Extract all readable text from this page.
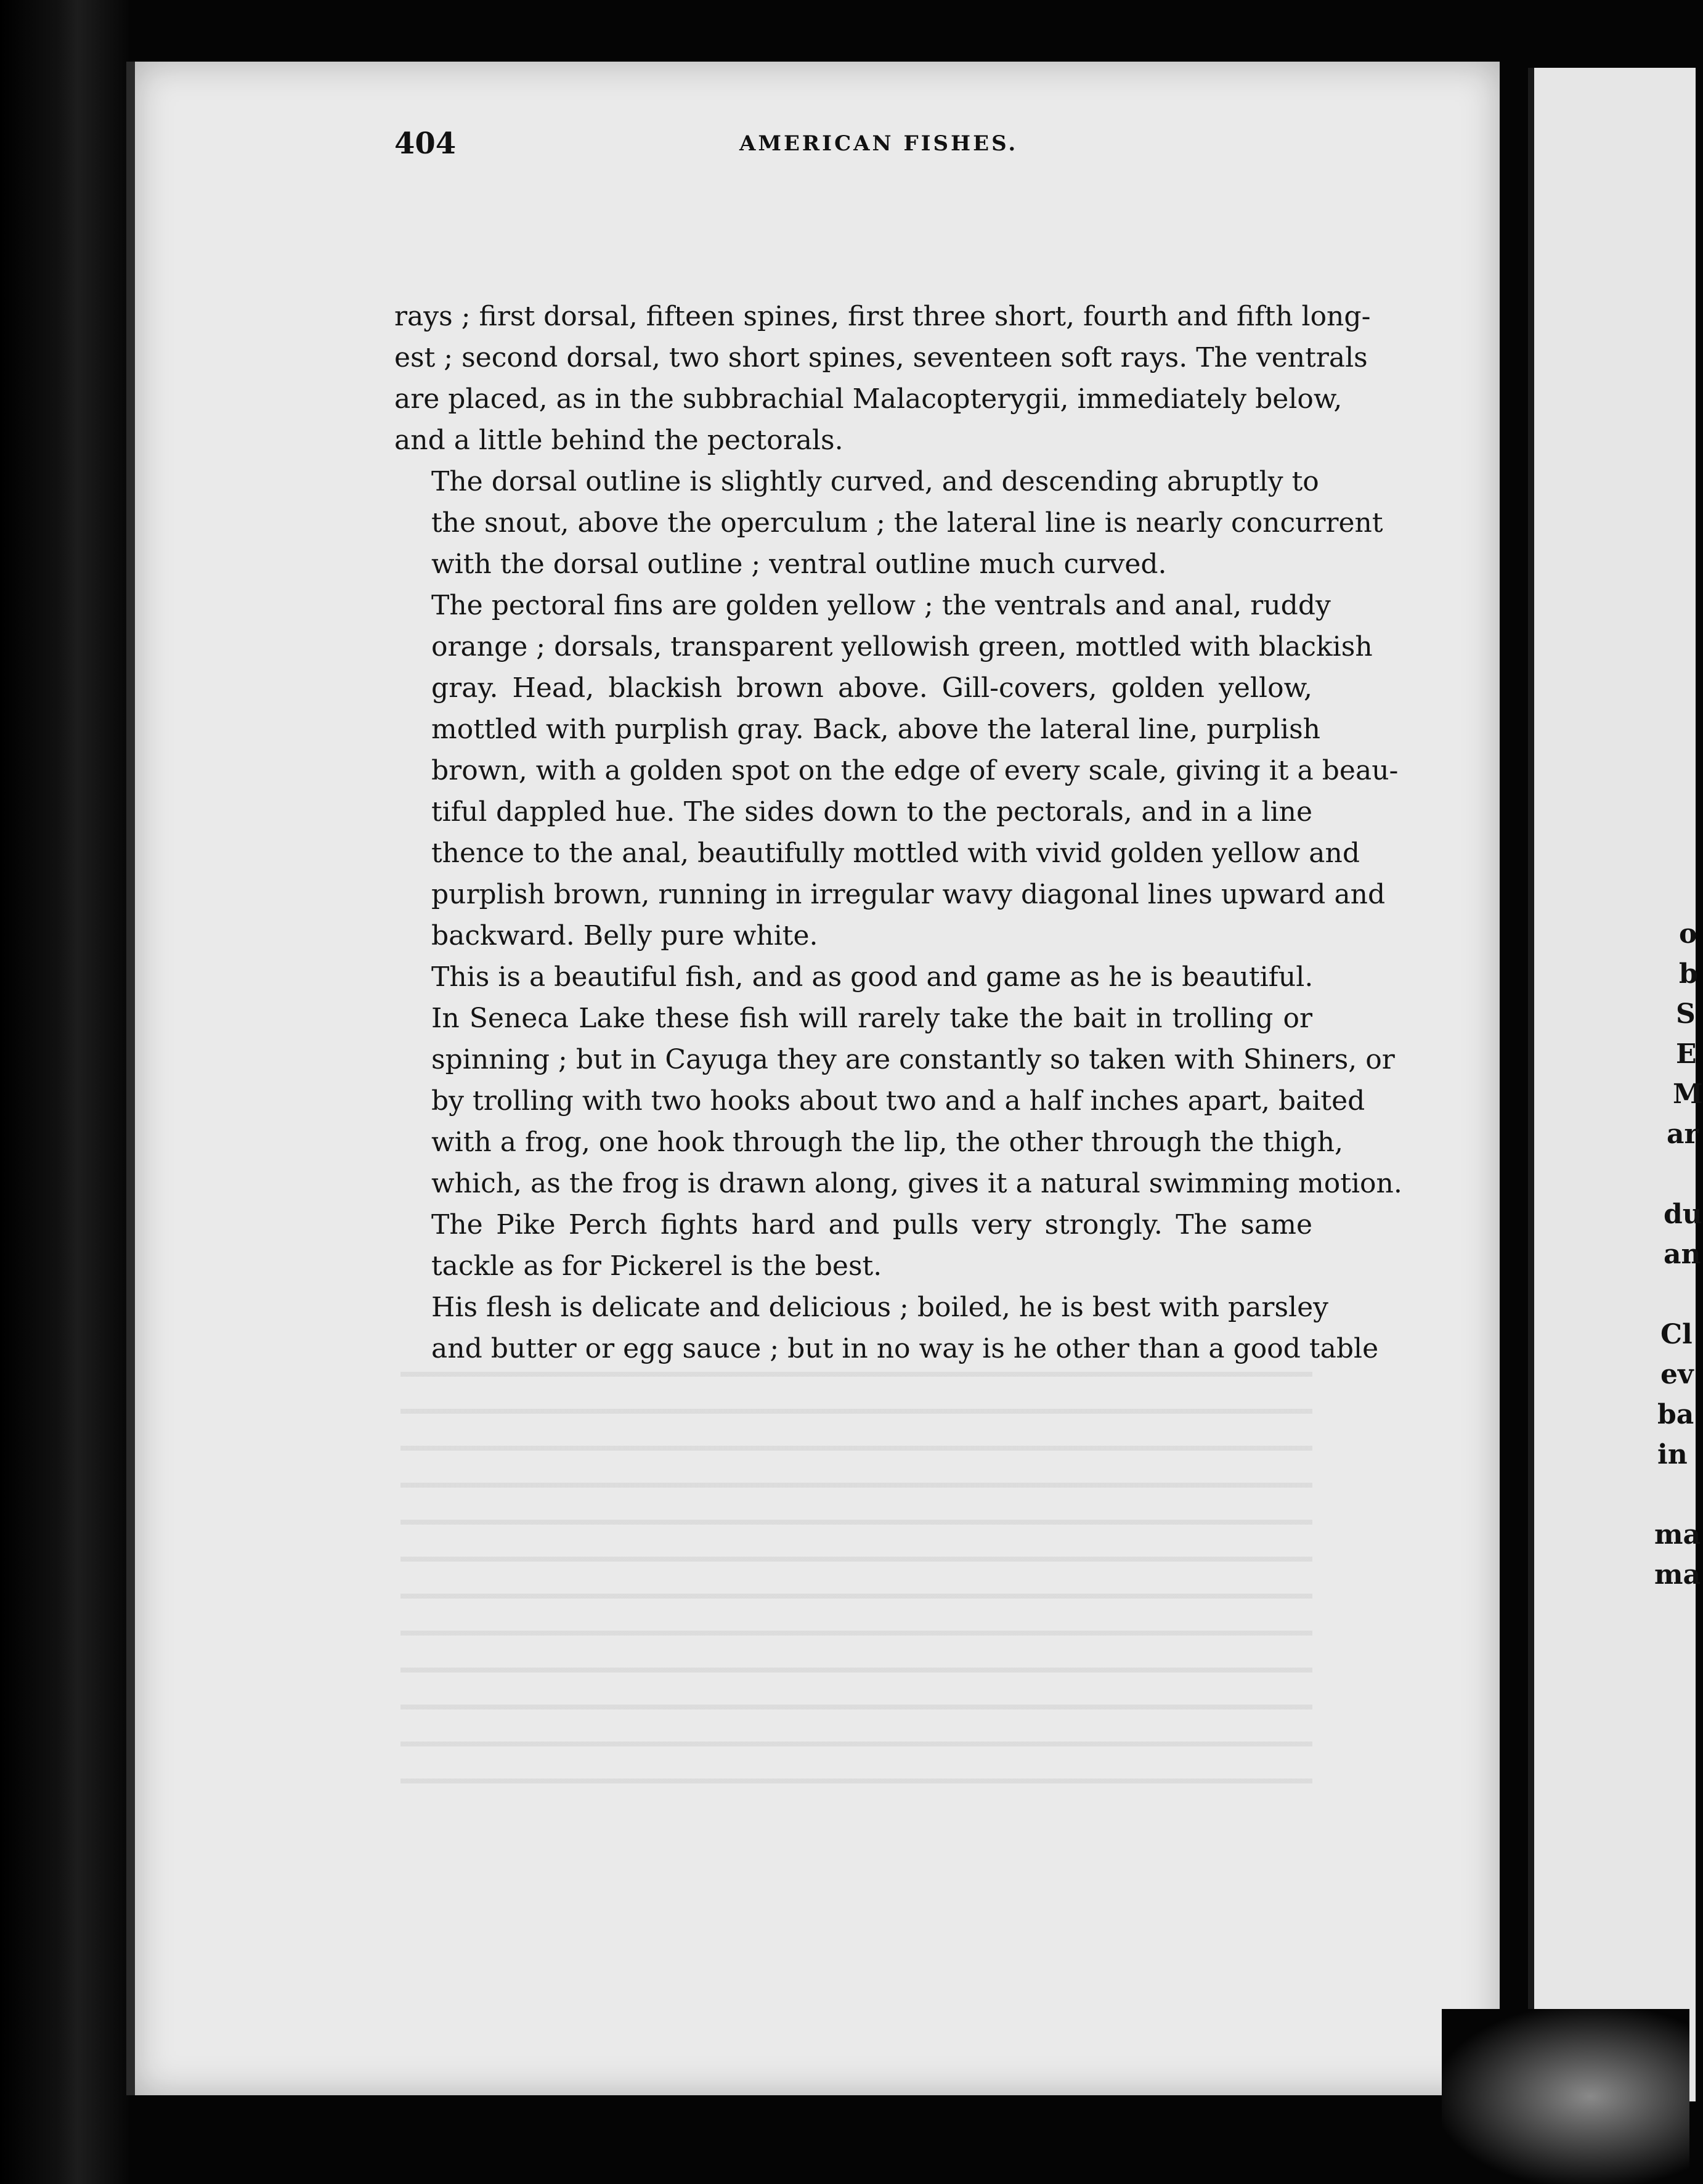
404	AMERICAN FISHES.

rays ; first dorsal, fifteen spines, first three short, fourth and fifth long-
est ; second dorsal, two short spines, seventeen soft rays. The ventrals
are placed, as in the subbrachial Malacopterygii, immediately below,
and a little behind the pectorals.

The dorsal outline is slightly curved, and descending abruptly to
the snout, above the operculum ; the lateral line is nearly concurrent
with the dorsal outline ; ventral outline much curved.

The pectoral fins are golden yellow ; the ventrals and anal, ruddy
orange ; dorsals, transparent yellowish green, mottled with blackish
gray. Head, blackish brown above. Gill-covers, golden yellow,
mottled with purplish gray. Back, above the lateral line, purplish
brown, with a golden spot on the edge of every scale, giving it a beau-
tiful dappled hue. The sides down to the pectorals, and in a line
thence to the anal, beautifully mottled with vivid golden yellow and
purplish brown, running in irregular wavy diagonal lines upward and
backward. Belly pure white.

This is a beautiful fish, and as good and game as he is beautiful.

In Seneca Lake these fish will rarely take the bait in trolling or
spinning ; but in Cayuga they are constantly so taken with Shiners, or
by trolling with two hooks about two and a half inches apart, baited
with a frog, one hook through the lip, the other through the thigh,
which, as the frog is drawn along, gives it a natural swimming motion.

The Pike Perch fights hard and pulls very strongly. The same
tackle as for Pickerel is the best.

His flesh is delicate and delicious ; boiled, he is best with parsley
and butter or egg sauce ; but in no way is he other than a good table

o
b
S
E
M
ar
du
an
Cl
ev
ba
in
ma
ma
